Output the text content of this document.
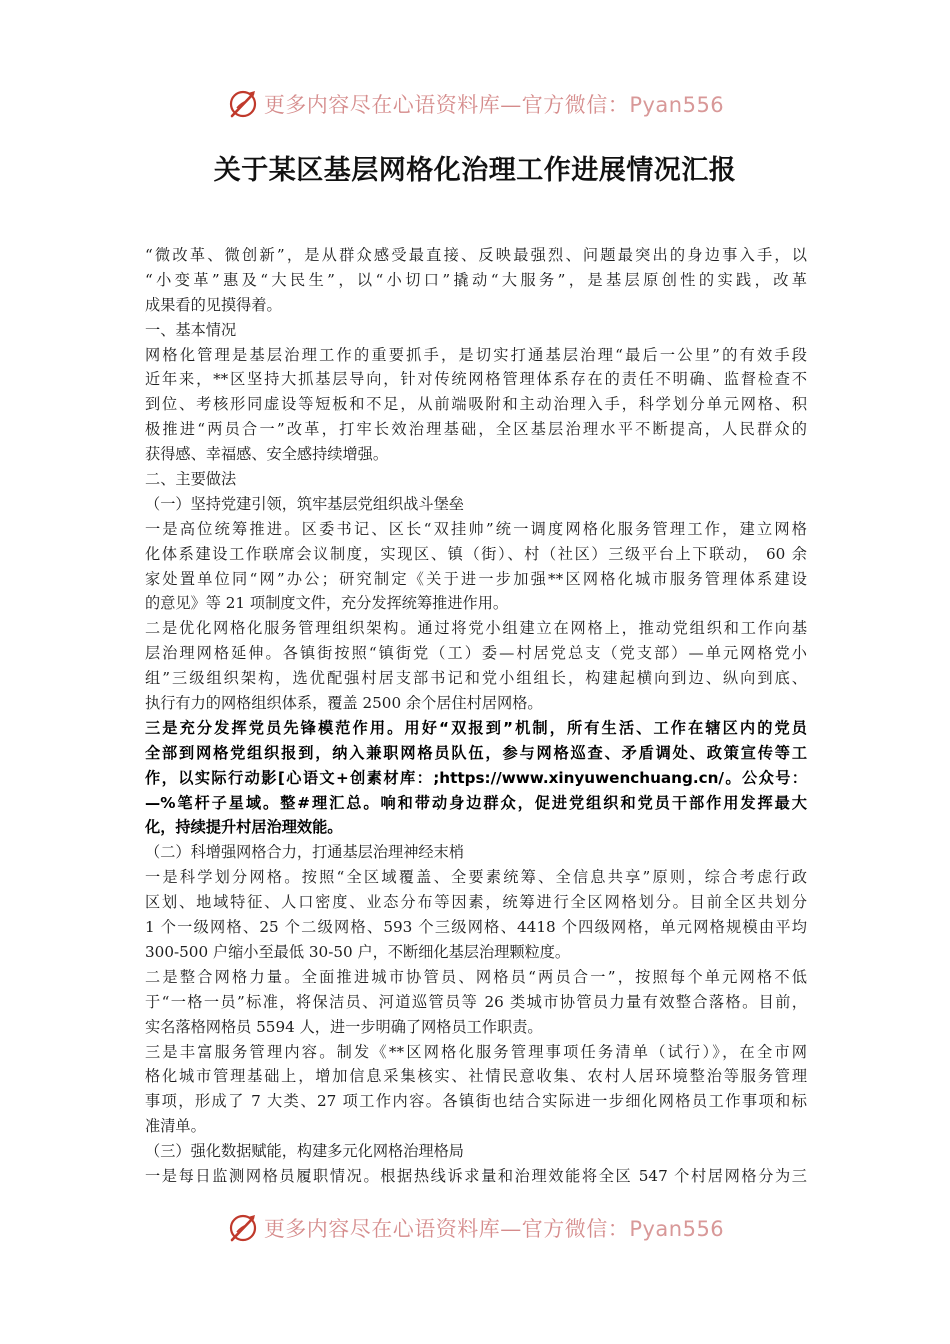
更多内容尽在心语资料库—官方微信：Pyan556
关于某区基层网格化治理工作进展情况汇报
“微改革、微创新”，是从群众感受最直接、反映最强烈、问题最突出的身边事入手，以
“小变革”惠及“大民生”，以“小切口”撬动“大服务”，是基层原创性的实践，改革
成果看的见摸得着。
一、基本情况
网格化管理是基层治理工作的重要抓手，是切实打通基层治理“最后一公里”的有效手段
近年来，**区坚持大抓基层导向，针对传统网格管理体系存在的责任不明确、监督检查不
到位、考核形同虚设等短板和不足，从前端吸附和主动治理入手，科学划分单元网格、积
极推进“两员合一”改革，打牢长效治理基础，全区基层治理水平不断提高，人民群众的
获得感、幸福感、安全感持续增强。
二、主要做法
（一）坚持党建引领，筑牢基层党组织战斗堡垒
一是高位统筹推进。区委书记、区长“双挂帅”统一调度网格化服务管理工作，建立网格
化体系建设工作联席会议制度，实现区、镇（街）、村（社区）三级平台上下联动， 60 余
家处置单位同“网”办公；研究制定《关于进一步加强**区网格化城市服务管理体系建设
的意见》等 21 项制度文件，充分发挥统筹推进作用。
二是优化网格化服务管理组织架构。通过将党小组建立在网格上，推动党组织和工作向基
层治理网格延伸。各镇街按照“镇街党（工）委—村居党总支（党支部）—单元网格党小
组”三级组织架构，选优配强村居支部书记和党小组组长，构建起横向到边、纵向到底、
执行有力的网格组织体系，覆盖 2500 余个居住村居网格。
三是充分发挥党员先锋模范作用。用好“双报到”机制，所有生活、工作在辖区内的党员
全部到网格党组织报到，纳入兼职网格员队伍，参与网格巡查、矛盾调处、政策宣传等工
作，以实际行动影[心语文+创素材库：;https://www.xinyuwenchuang.cn/。公众号：
—%笔杆子星域。整#理汇总。响和带动身边群众，促进党组织和党员干部作用发挥最大
化，持续提升村居治理效能。
（二）科增强网格合力，打通基层治理神经末梢
一是科学划分网格。按照“全区域覆盖、全要素统筹、全信息共享”原则，综合考虑行政
区划、地域特征、人口密度、业态分布等因素，统筹进行全区网格划分。目前全区共划分
1 个一级网格、25 个二级网格、593 个三级网格、4418 个四级网格，单元网格规模由平均
300-500 户缩小至最低 30-50 户，不断细化基层治理颗粒度。
二是整合网格力量。全面推进城市协管员、网格员“两员合一”，按照每个单元网格不低
于“一格一员”标准，将保洁员、河道巡管员等 26 类城市协管员力量有效整合落格。目前，
实名落格网格员 5594 人，进一步明确了网格员工作职责。
三是丰富服务管理内容。制发《**区网格化服务管理事项任务清单（试行）》，在全市网
格化城市管理基础上，增加信息采集核实、社情民意收集、农村人居环境整治等服务管理
事项，形成了 7 大类、27 项工作内容。各镇街也结合实际进一步细化网格员工作事项和标
准清单。
（三）强化数据赋能，构建多元化网格治理格局
一是每日监测网格员履职情况。根据热线诉求量和治理效能将全区 547 个村居网格分为三
更多内容尽在心语资料库—官方微信：Pyan556
